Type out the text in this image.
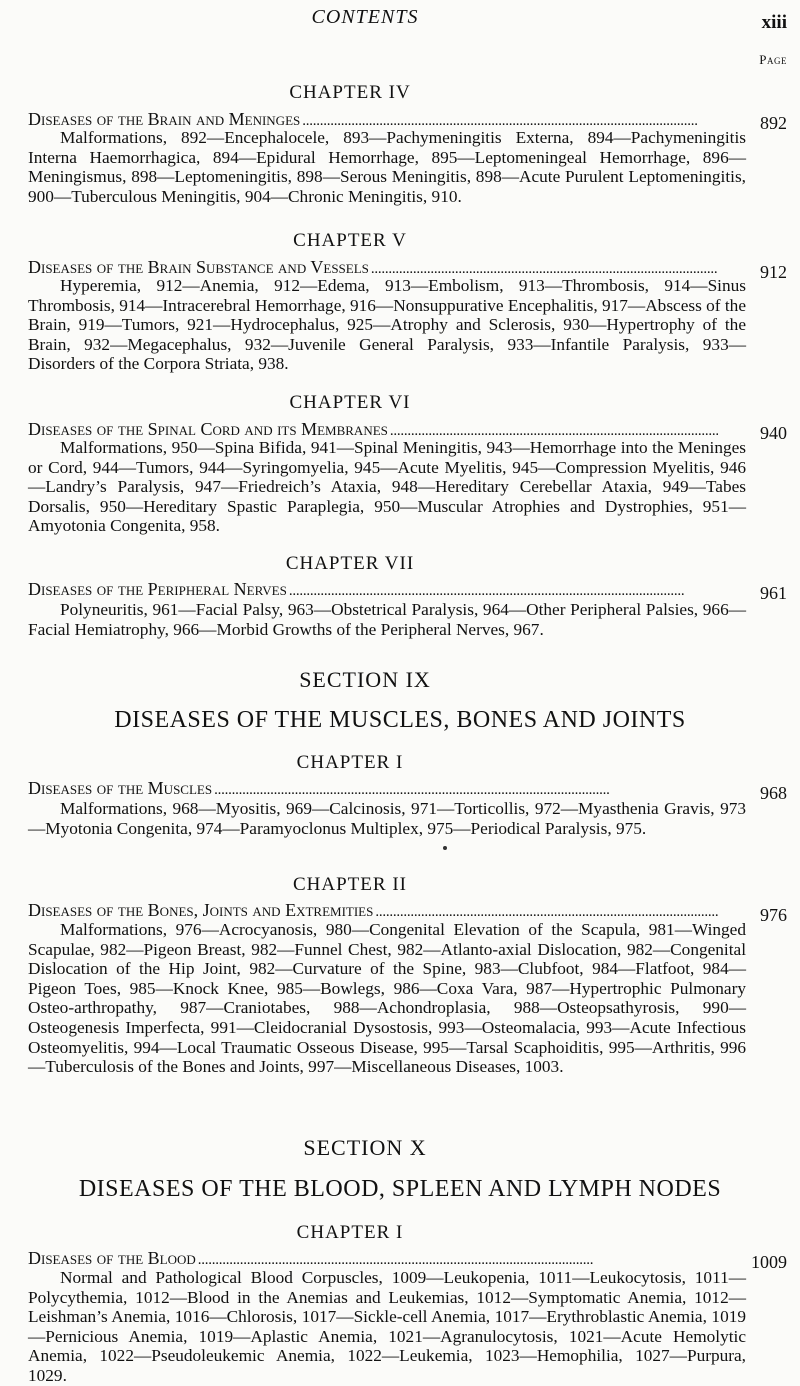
CONTENTS	xiii
Page
CHAPTER IV
Diseases of the Brain and Meninges . . .	892
Malformations, 892—Encephalocele, 893—Pachymeningitis Externa, 894—Pachymeningitis Interna Haemorrhagica, 894—Epidural Hemorrhage, 895—Leptomeningeal Hemorrhage, 896—Meningismus, 898—Leptomeningitis, 898—Serous Meningitis, 898—Acute Purulent Leptomeningitis, 900—Tuberculous Meningitis, 904—Chronic Meningitis, 910.
CHAPTER V
Diseases of the Brain Substance and Vessels . . .	912
Hyperemia, 912—Anemia, 912—Edema, 913—Embolism, 913—Thrombosis, 914—Sinus Thrombosis, 914—Intracerebral Hemorrhage, 916—Nonsuppurative Encephalitis, 917—Abscess of the Brain, 919—Tumors, 921—Hydrocephalus, 925—Atrophy and Sclerosis, 930—Hypertrophy of the Brain, 932—Megacephalus, 932—Juvenile General Paralysis, 933—Infantile Paralysis, 933—Disorders of the Corpora Striata, 938.
CHAPTER VI
Diseases of the Spinal Cord and its Membranes . . .	940
Malformations, 950—Spina Bifida, 941—Spinal Meningitis, 943—Hemorrhage into the Meninges or Cord, 944—Tumors, 944—Syringomyelia, 945—Acute Myelitis, 945—Compression Myelitis, 946—Landry’s Paralysis, 947—Friedreich’s Ataxia, 948—Hereditary Cerebellar Ataxia, 949—Tabes Dorsalis, 950—Hereditary Spastic Paraplegia, 950—Muscular Atrophies and Dystrophies, 951—Amyotonia Congenita, 958.
CHAPTER VII
Diseases of the Peripheral Nerves . . .	961
Polyneuritis, 961—Facial Palsy, 963—Obstetrical Paralysis, 964—Other Peripheral Palsies, 966—Facial Hemiatrophy, 966—Morbid Growths of the Peripheral Nerves, 967.
SECTION IX
DISEASES OF THE MUSCLES, BONES AND JOINTS
CHAPTER I
Diseases of the Muscles . . .	968
Malformations, 968—Myositis, 969—Calcinosis, 971—Torticollis, 972—Myasthenia Gravis, 973—Myotonia Congenita, 974—Paramyoclonus Multiplex, 975—Periodical Paralysis, 975.
CHAPTER II
Diseases of the Bones, Joints and Extremities . . .	976
Malformations, 976—Acrocyanosis, 980—Congenital Elevation of the Scapula, 981—Winged Scapulae, 982—Pigeon Breast, 982—Funnel Chest, 982—Atlanto-axial Dislocation, 982—Congenital Dislocation of the Hip Joint, 982—Curvature of the Spine, 983—Clubfoot, 984—Flatfoot, 984—Pigeon Toes, 985—Knock Knee, 985—Bowlegs, 986—Coxa Vara, 987—Hypertrophic Pulmonary Osteo-arthropathy, 987—Craniotabes, 988—Achondroplasia, 988—Osteopsathyrosis, 990—Osteogenesis Imperfecta, 991—Cleidocranial Dysostosis, 993—Osteomalacia, 993—Acute Infectious Osteomyelitis, 994—Local Traumatic Osseous Disease, 995—Tarsal Scaphoiditis, 995—Arthritis, 996—Tuberculosis of the Bones and Joints, 997—Miscellaneous Diseases, 1003.
SECTION X
DISEASES OF THE BLOOD, SPLEEN AND LYMPH NODES
CHAPTER I
Diseases of the Blood . . .	1009
Normal and Pathological Blood Corpuscles, 1009—Leukopenia, 1011—Leukocytosis, 1011—Polycythemia, 1012—Blood in the Anemias and Leukemias, 1012—Symptomatic Anemia, 1012—Leishman’s Anemia, 1016—Chlorosis, 1017—Sickle-cell Anemia, 1017—Erythroblastic Anemia, 1019—Pernicious Anemia, 1019—Aplastic Anemia, 1021—Agranulocytosis, 1021—Acute Hemolytic Anemia, 1022—Pseudoleukemic Anemia, 1022—Leukemia, 1023—Hemophilia, 1027—Purpura, 1029.
